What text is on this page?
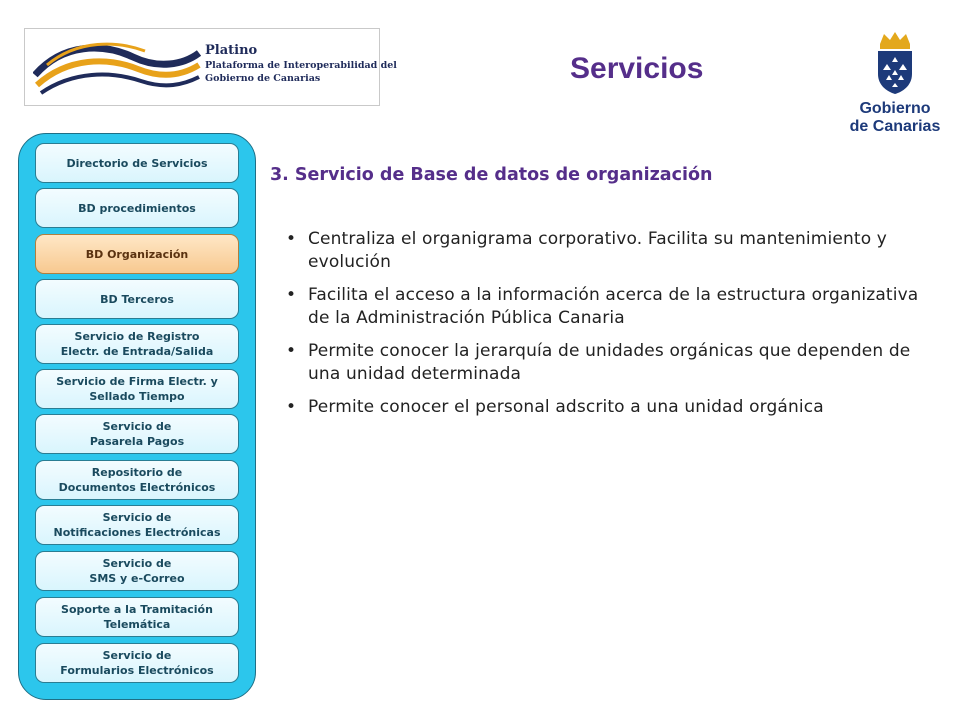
Platino
Plataforma de Interoperabilidad del
Gobierno de Canarias	Servicios
Gobierno
de Canarias
Directorio de Servicios
BD procedimientos
BD Organización
BD Terceros
Servicio de Registro
Electr. de Entrada/Salida
Servicio de Firma Electr. y
Sellado Tiempo
Servicio de
Pasarela Pagos
Repositorio de
Documentos Electrónicos
Servicio de
Notificaciones Electrónicas
Servicio de
SMS y e-Correo
Soporte a la Tramitación
Telemática
Servicio de
Formularios Electrónicos
3. Servicio de Base de datos de organización
• Centraliza el organigrama corporativo. Facilita su mantenimiento y evolución
• Facilita el acceso a la información acerca de la estructura organizativa de la Administración Pública Canaria
• Permite conocer la jerarquía de unidades orgánicas que dependen de una unidad determinada
• Permite conocer el personal adscrito a una unidad orgánica
